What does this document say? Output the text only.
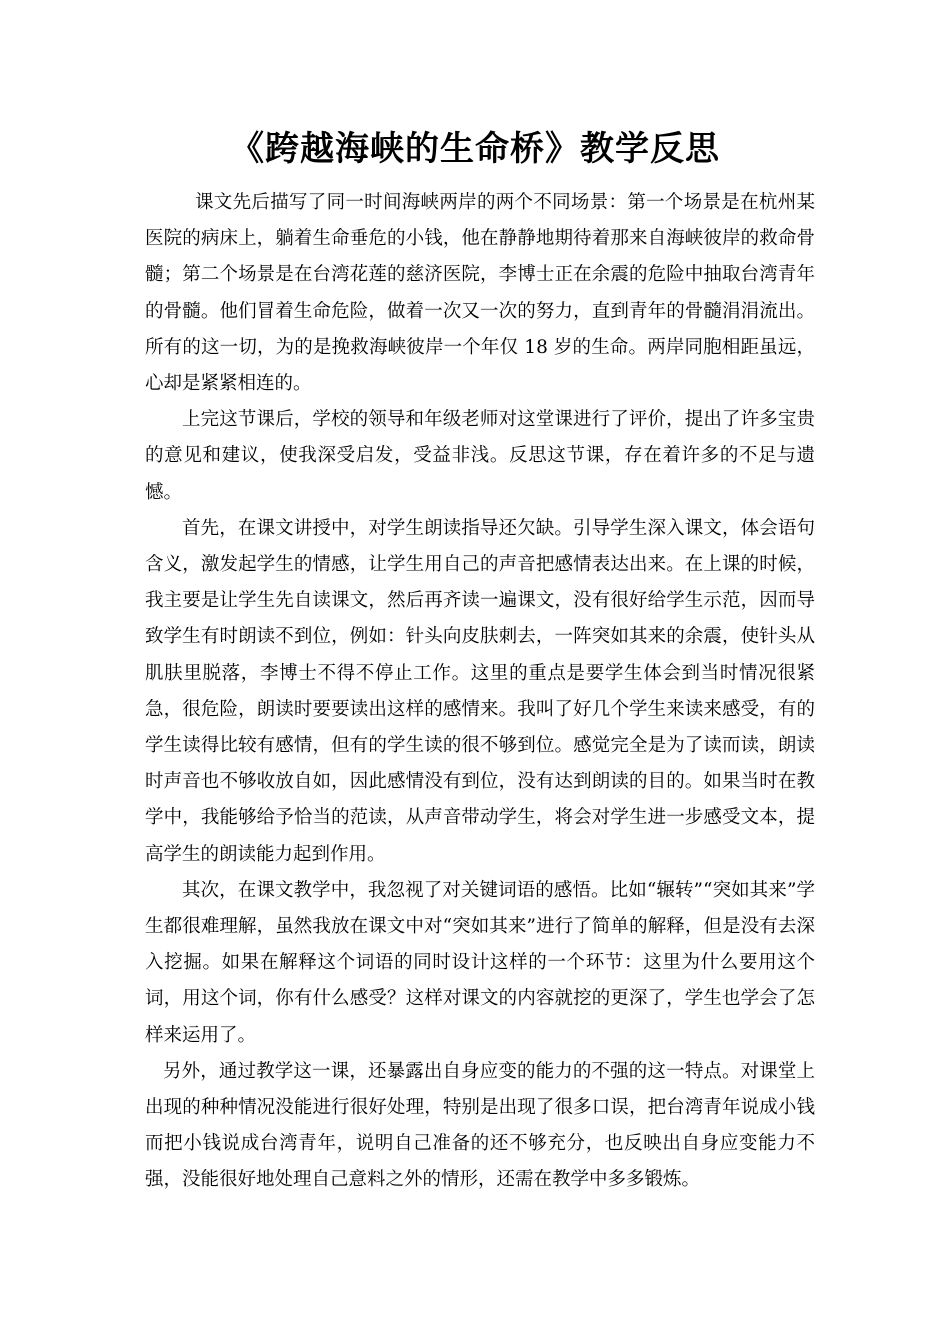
《跨越海峡的生命桥》教学反思

课文先后描写了同一时间海峡两岸的两个不同场景：第一个场景是在杭州某医院的病床上，躺着生命垂危的小钱，他在静静地期待着那来自海峡彼岸的救命骨髓；第二个场景是在台湾花莲的慈济医院，李博士正在余震的危险中抽取台湾青年的骨髓。他们冒着生命危险，做着一次又一次的努力，直到青年的骨髓涓涓流出。所有的这一切，为的是挽救海峡彼岸一个年仅 18 岁的生命。两岸同胞相距虽远，心却是紧紧相连的。

上完这节课后，学校的领导和年级老师对这堂课进行了评价，提出了许多宝贵的意见和建议，使我深受启发，受益非浅。反思这节课，存在着许多的不足与遗憾。

首先，在课文讲授中，对学生朗读指导还欠缺。引导学生深入课文，体会语句含义，激发起学生的情感，让学生用自己的声音把感情表达出来。在上课的时候，我主要是让学生先自读课文，然后再齐读一遍课文，没有很好给学生示范，因而导致学生有时朗读不到位，例如：针头向皮肤刺去，一阵突如其来的余震，使针头从肌肤里脱落，李博士不得不停止工作。这里的重点是要学生体会到当时情况很紧急，很危险，朗读时要要读出这样的感情来。我叫了好几个学生来读来感受，有的学生读得比较有感情，但有的学生读的很不够到位。感觉完全是为了读而读，朗读时声音也不够收放自如，因此感情没有到位，没有达到朗读的目的。如果当时在教学中，我能够给予恰当的范读，从声音带动学生，将会对学生进一步感受文本，提高学生的朗读能力起到作用。

其次，在课文教学中，我忽视了对关键词语的感悟。比如“辗转”“突如其来”学生都很难理解，虽然我放在课文中对“突如其来”进行了简单的解释，但是没有去深入挖掘。如果在解释这个词语的同时设计这样的一个环节：这里为什么要用这个词，用这个词，你有什么感受？这样对课文的内容就挖的更深了，学生也学会了怎样来运用了。

另外，通过教学这一课，还暴露出自身应变的能力的不强的这一特点。对课堂上出现的种种情况没能进行很好处理，特别是出现了很多口误，把台湾青年说成小钱而把小钱说成台湾青年，说明自己准备的还不够充分，也反映出自身应变能力不强，没能很好地处理自己意料之外的情形，还需在教学中多多锻炼。
